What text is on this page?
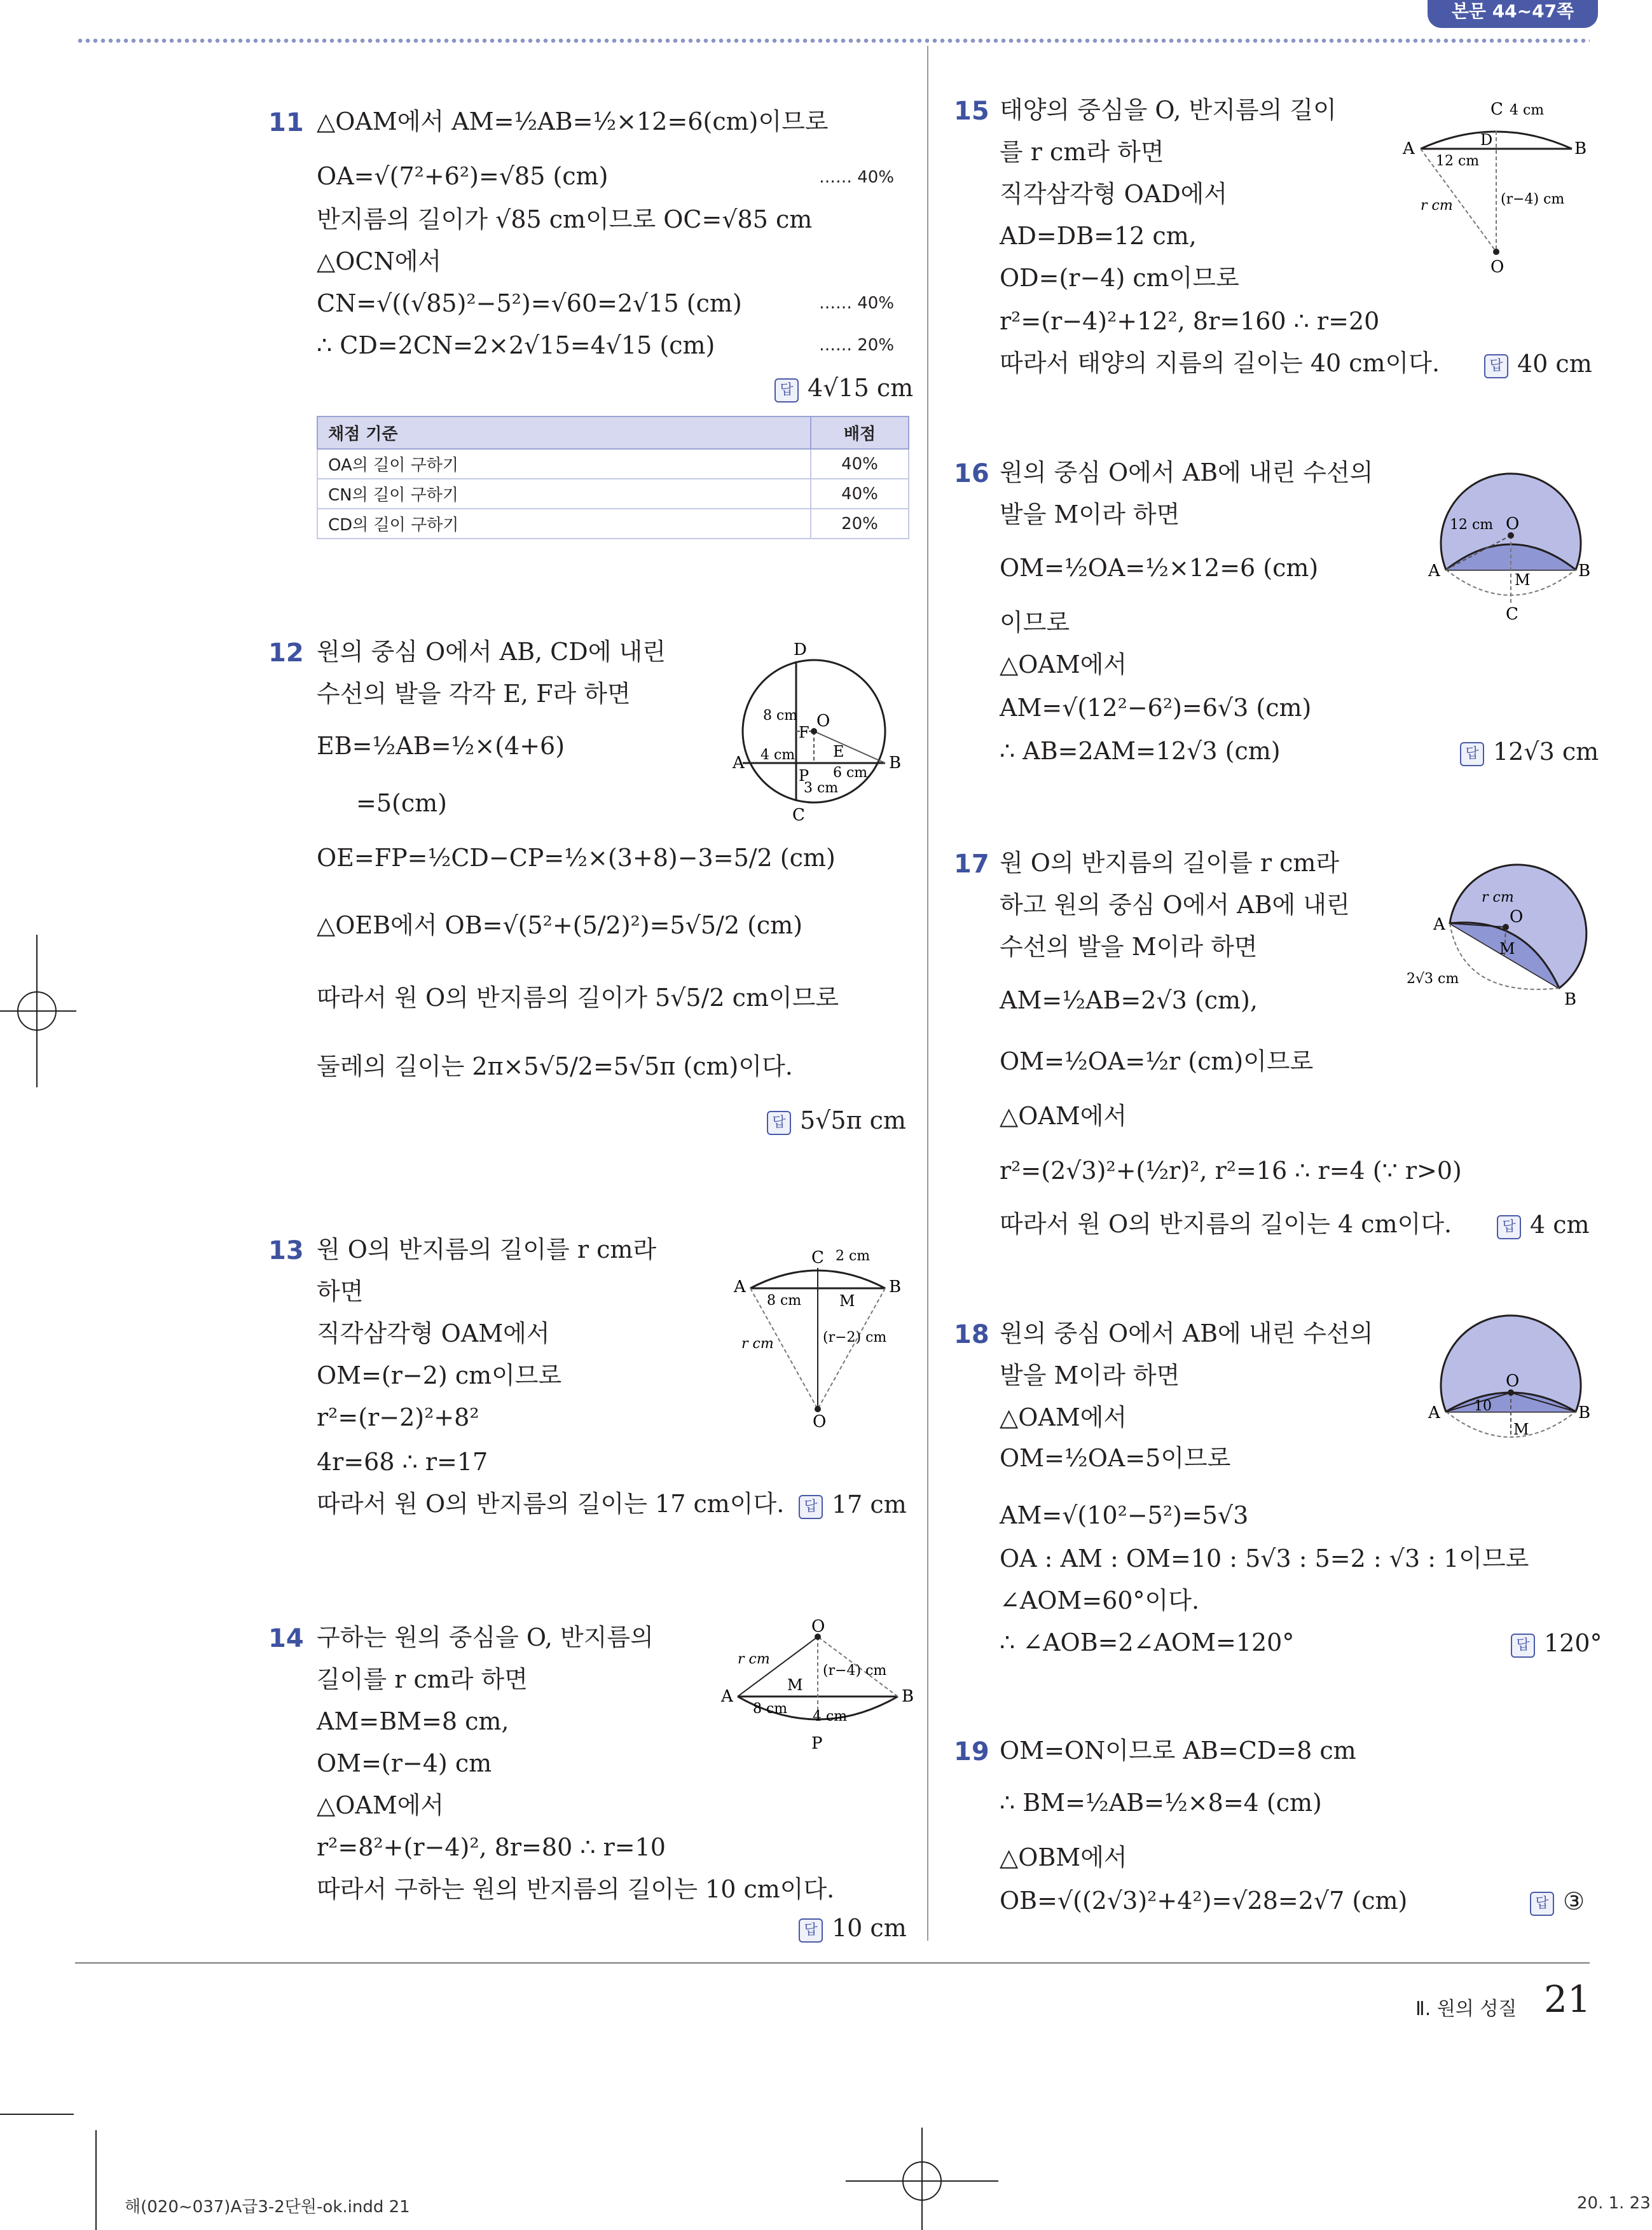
본문 44~47쪽
11 △OAM에서 AM=½AB=½×12=6(cm)이므로
OA=√(7²+6²)=√85 (cm)	…… 40%
반지름의 길이가 √85 cm이므로 OC=√85 cm
△OCN에서
CN=√((√85)²−5²)=√60=2√15 (cm)	…… 40%
∴ CD=2CN=2×2√15=4√15 (cm)	…… 20%
답 4√15 cm
채점 기준	배점
OA의 길이 구하기	40%
CN의 길이 구하기	40%
CD의 길이 구하기	20%
12 원의 중심 O에서 AB, CD에 내린
수선의 발을 각각 E, F라 하면
EB=½AB=½×(4+6)
=5(cm)
OE=FP=½CD−CP=½×(3+8)−3=5/2 (cm)
△OEB에서 OB=√(5²+(5/2)²)=5√5/2 (cm)
따라서 원 O의 반지름의 길이가 5√5/2 cm이므로
둘레의 길이는 2π×5√5/2=5√5π (cm)이다.
답 5√5π cm
D
O
F
E
A	B
C
P
8 cm
4 cm
6 cm
3 cm
13 원 O의 반지름의 길이를 r cm라
하면
직각삼각형 OAM에서
OM=(r−2) cm이므로
r²=(r−2)²+8²
4r=68 ∴ r=17
따라서 원 O의 반지름의 길이는 17 cm이다.	답 17 cm
A	B
C 2 cm
8 cm M
r cm	(r−2) cm
O
14 구하는 원의 중심을 O, 반지름의
길이를 r cm라 하면
AM=BM=8 cm,
OM=(r−4) cm
△OAM에서
r²=8²+(r−4)², 8r=80 ∴ r=10
따라서 구하는 원의 반지름의 길이는 10 cm이다.
답 10 cm
O
A	B
M
P
r cm
(r−4) cm
8 cm 4 cm
15 태양의 중심을 O, 반지름의 길이
를 r cm라 하면
직각삼각형 OAD에서
AD=DB=12 cm,
OD=(r−4) cm이므로
r²=(r−4)²+12², 8r=160 ∴ r=20
따라서 태양의 지름의 길이는 40 cm이다.	답 40 cm
C 4 cm
D
A	B
12 cm
r cm	(r−4) cm
O
16 원의 중심 O에서 AB에 내린 수선의
발을 M이라 하면
OM=½OA=½×12=6 (cm)
이므로
△OAM에서
AM=√(12²−6²)=6√3 (cm)
∴ AB=2AM=12√3 (cm)	답 12√3 cm
12 cm O
A	B
M
C
17 원 O의 반지름의 길이를 r cm라
하고 원의 중심 O에서 AB에 내린
수선의 발을 M이라 하면
AM=½AB=2√3 (cm),
OM=½OA=½r (cm)이므로
△OAM에서
r²=(2√3)²+(½r)², r²=16 ∴ r=4 (∵ r>0)
따라서 원 O의 반지름의 길이는 4 cm이다.	답 4 cm
r cm
O
A
M
2√3 cm
B
18 원의 중심 O에서 AB에 내린 수선의
발을 M이라 하면
△OAM에서
OM=½OA=5이므로
AM=√(10²−5²)=5√3
OA : AM : OM=10 : 5√3 : 5=2 : √3 : 1이므로
∠AOM=60°이다.
∴ ∠AOB=2∠AOM=120°	답 120°
O
10
A	B
M
19 OM=ON이므로 AB=CD=8 cm
∴ BM=½AB=½×8=4 (cm)
△OBM에서
OB=√((2√3)²+4²)=√28=2√7 (cm)	답 ③
Ⅱ. 원의 성질 21
해(020~037)A급3-2단원-ok.indd 21	20. 1. 23
